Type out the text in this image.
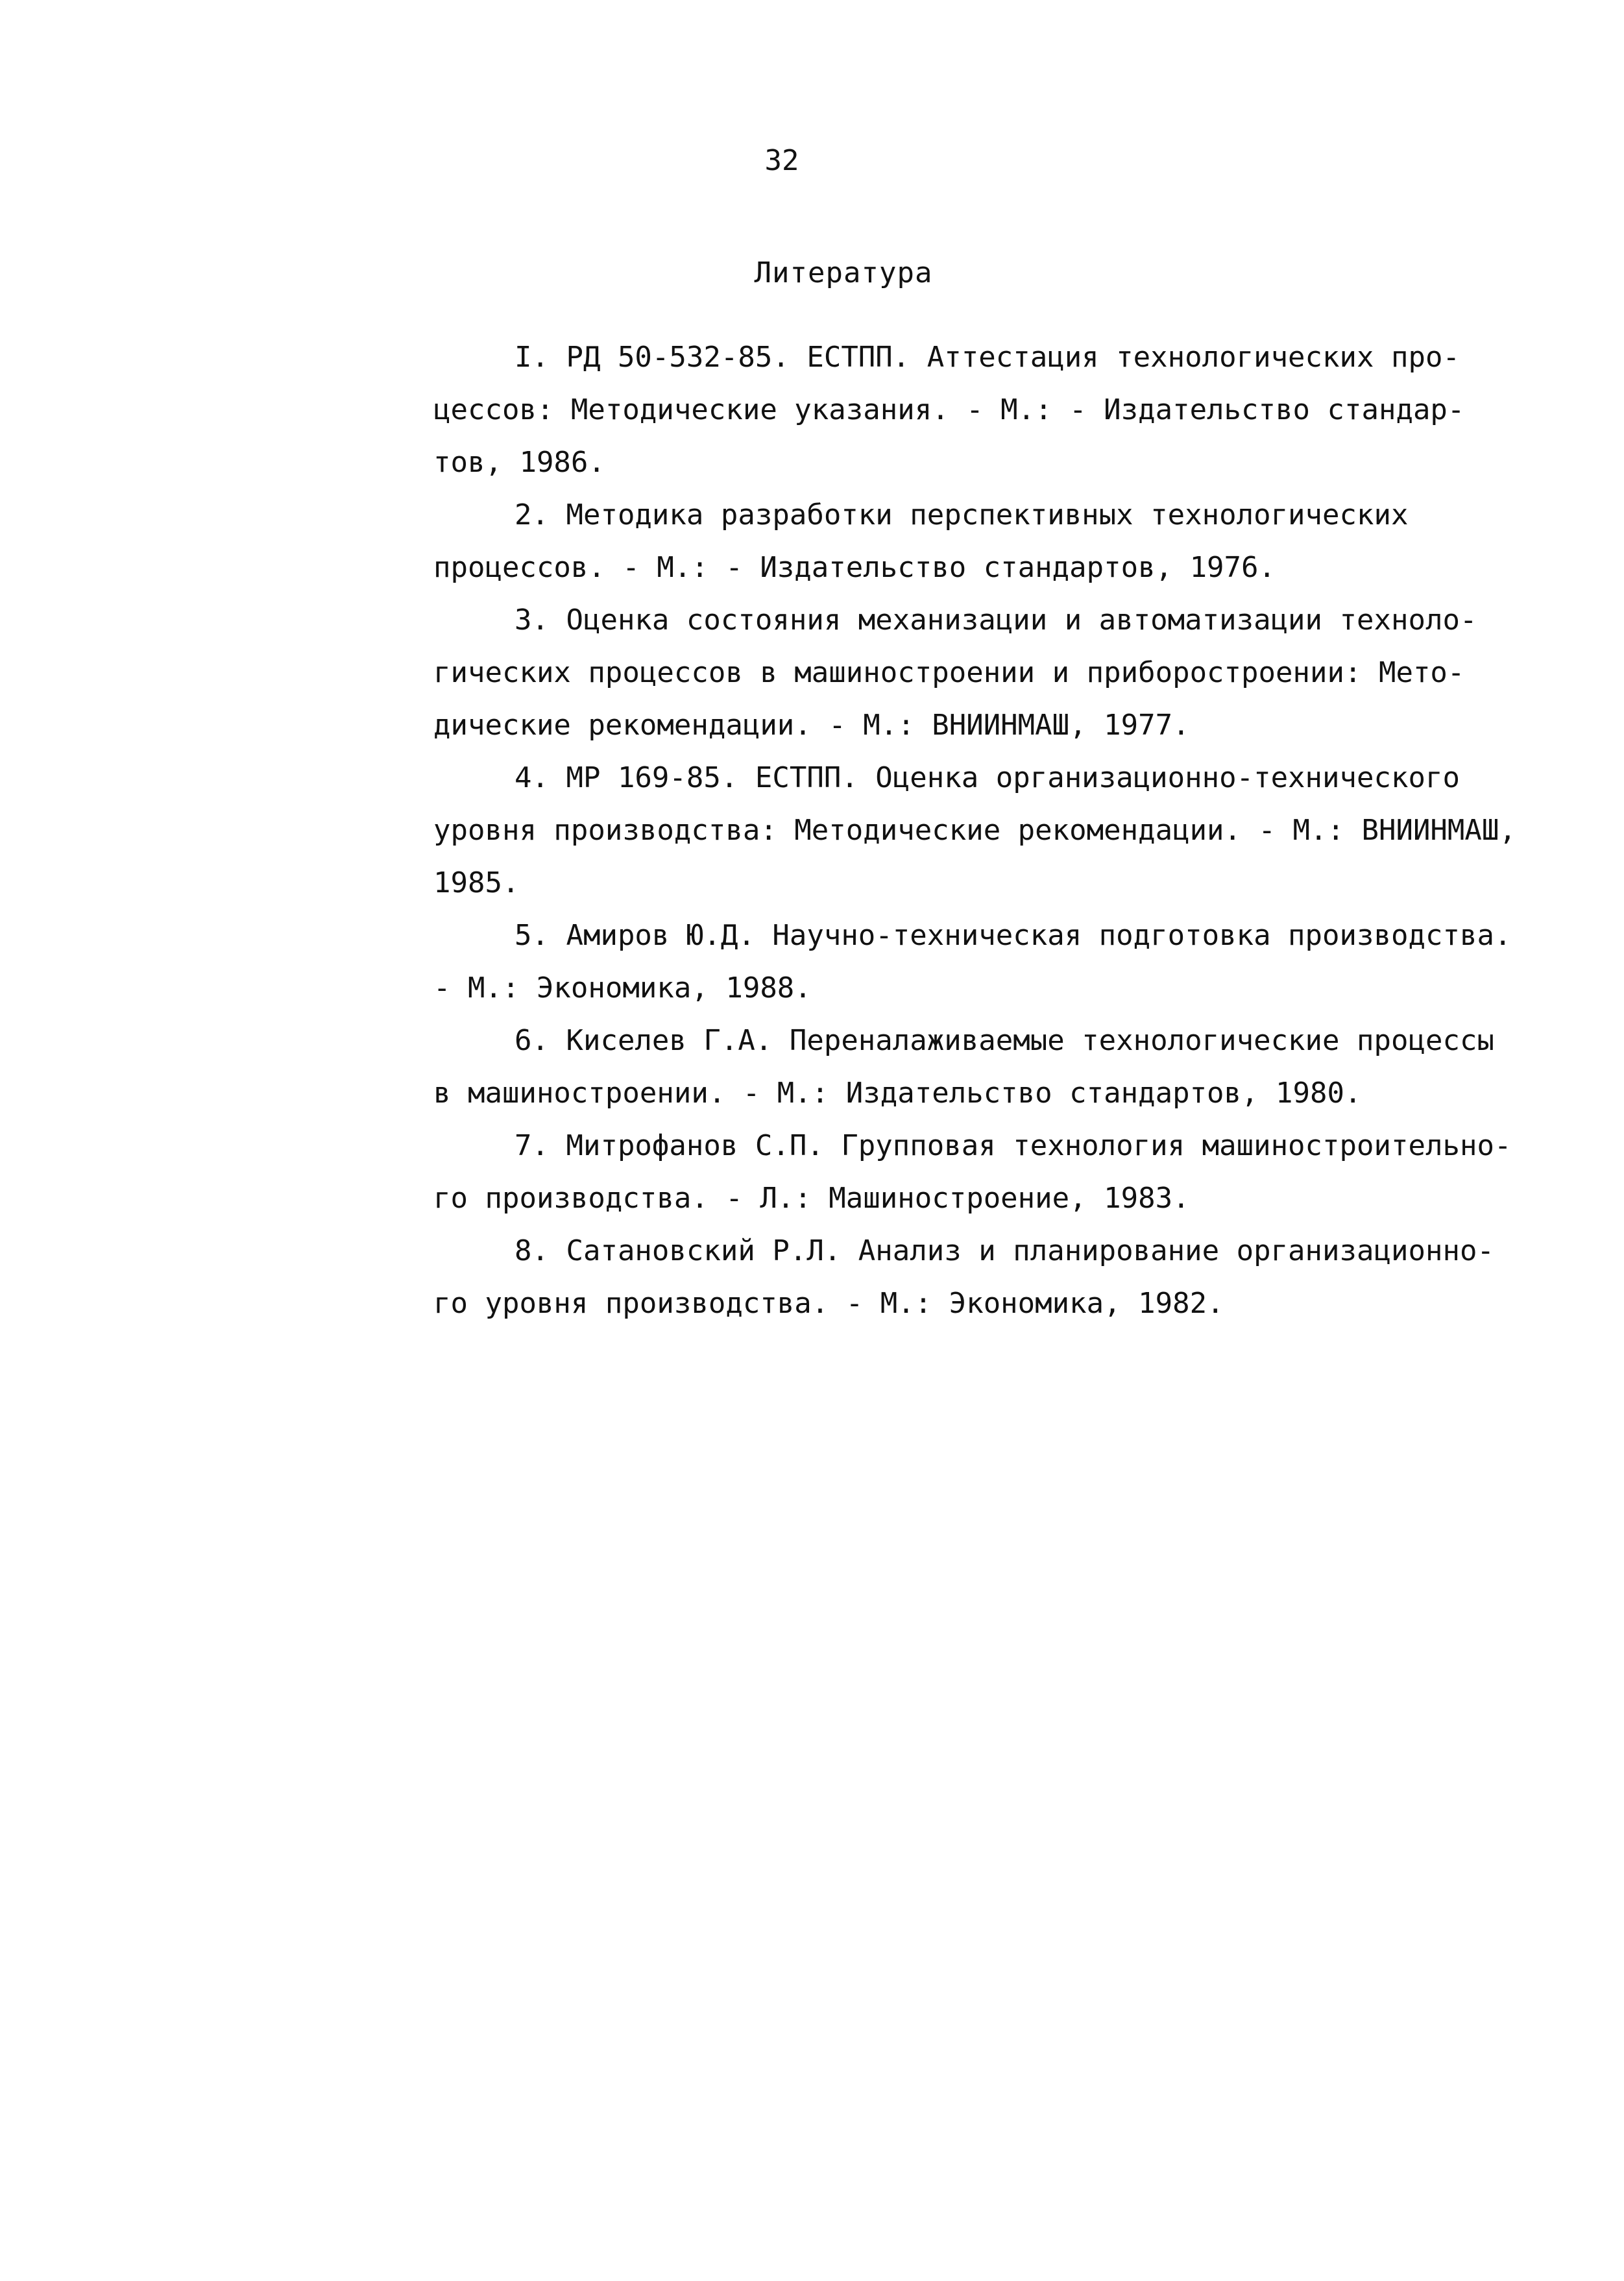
32
Литература
I. РД 50-532-85. ЕСТПП. Аттестация технологических про-
цессов: Методические указания. - М.: - Издательство стандар-
тов, 1986.
2. Методика разработки перспективных технологических
процессов. - М.: - Издательство стандартов, 1976.
3. Оценка состояния механизации и автоматизации техноло-
гических процессов в машиностроении и приборостроении: Мето-
дические рекомендации. - М.: ВНИИНМАШ, 1977.
4. МР 169-85. ЕСТПП. Оценка организационно-технического
уровня производства: Методические рекомендации. - М.: ВНИИНМАШ,
1985.
5. Амиров Ю.Д. Научно-техническая подготовка производства.
- М.: Экономика, 1988.
6. Киселев Г.А. Переналаживаемые технологические процессы
в машиностроении. - М.: Издательство стандартов, 1980.
7. Митрофанов С.П. Групповая технология машиностроительно-
го производства. - Л.: Машиностроение, 1983.
8. Сатановский Р.Л. Анализ и планирование организационно-
го уровня производства. - М.: Экономика, 1982.
